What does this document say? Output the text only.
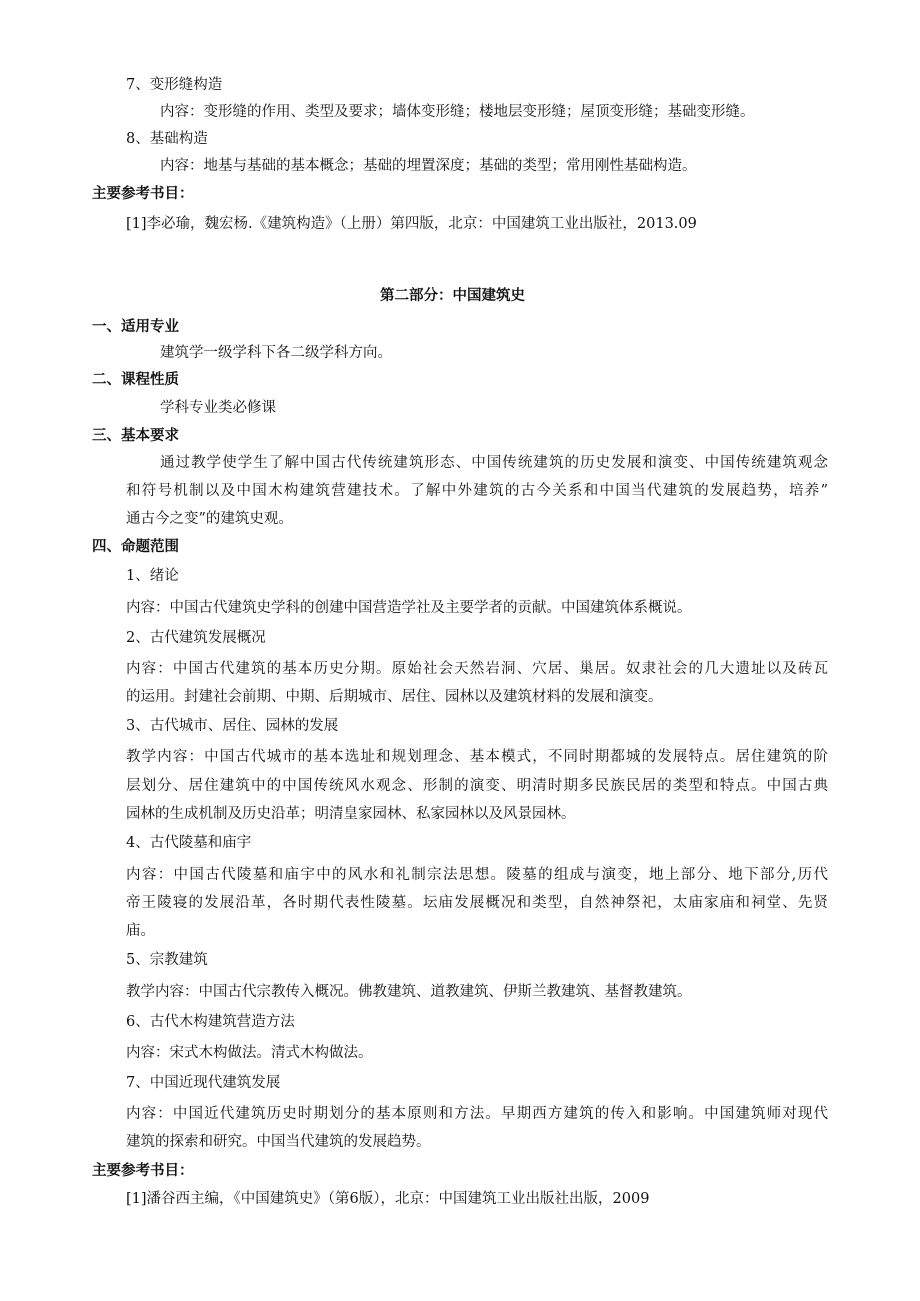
7、变形缝构造
内容：变形缝的作用、类型及要求；墙体变形缝；楼地层变形缝；屋顶变形缝；基础变形缝。
8、基础构造
内容：地基与基础的基本概念；基础的埋置深度；基础的类型；常用刚性基础构造。
主要参考书目：
[1]李必瑜，魏宏杨.《建筑构造》（上册）第四版，北京：中国建筑工业出版社，2013.09
第二部分：中国建筑史
一、适用专业
建筑学一级学科下各二级学科方向。
二、课程性质
学科专业类必修课
三、基本要求
通过教学使学生了解中国古代传统建筑形态、中国传统建筑的历史发展和演变、中国传统建筑观念
和符号机制以及中国木构建筑营建技术。了解中外建筑的古今关系和中国当代建筑的发展趋势，培养”
通古今之变”的建筑史观。
四、命题范围
1、绪论
内容：中国古代建筑史学科的创建中国营造学社及主要学者的贡献。中国建筑体系概说。
2、古代建筑发展概况
内容：中国古代建筑的基本历史分期。原始社会天然岩洞、穴居、巢居。奴隶社会的几大遗址以及砖瓦
的运用。封建社会前期、中期、后期城市、居住、园林以及建筑材料的发展和演变。
3、古代城市、居住、园林的发展
教学内容：中国古代城市的基本选址和规划理念、基本模式，不同时期都城的发展特点。居住建筑的阶
层划分、居住建筑中的中国传统风水观念、形制的演变、明清时期多民族民居的类型和特点。中国古典
园林的生成机制及历史沿革；明清皇家园林、私家园林以及风景园林。
4、古代陵墓和庙宇
内容：中国古代陵墓和庙宇中的风水和礼制宗法思想。陵墓的组成与演变，地上部分、地下部分,历代
帝王陵寝的发展沿革，各时期代表性陵墓。坛庙发展概况和类型，自然神祭祀，太庙家庙和祠堂、先贤
庙。
5、宗教建筑
教学内容：中国古代宗教传入概况。佛教建筑、道教建筑、伊斯兰教建筑、基督教建筑。
6、古代木构建筑营造方法
内容：宋式木构做法。清式木构做法。
7、中国近现代建筑发展
内容：中国近代建筑历史时期划分的基本原则和方法。早期西方建筑的传入和影响。中国建筑师对现代
建筑的探索和研究。中国当代建筑的发展趋势。
主要参考书目：
[1]潘谷西主编，《中国建筑史》（第6版），北京：中国建筑工业出版社出版，2009
